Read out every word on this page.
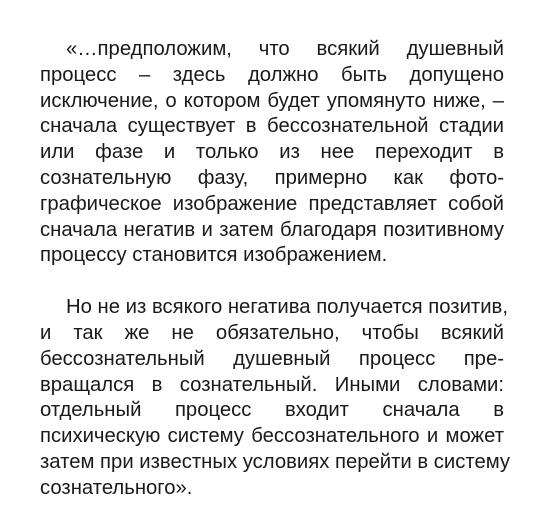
«…предположим, что всякий душевный
процесс – здесь должно быть допущено
исключение, о котором будет упомянуто ниже, –
сначала существует в бессознательной стадии
или фазе и только из нее переходит в
сознательную фазу, примерно как фото-
графическое изображение представляет собой
сначала негатив и затем благодаря позитивному
процессу становится изображением.
Но не из всякого негатива получается позитив,
и так же не обязательно, чтобы всякий
бессознательный душевный процесс пре-
вращался в сознательный. Иными словами:
отдельный процесс входит сначала в
психическую систему бессознательного и может
затем при известных условиях перейти в систему
сознательного».
